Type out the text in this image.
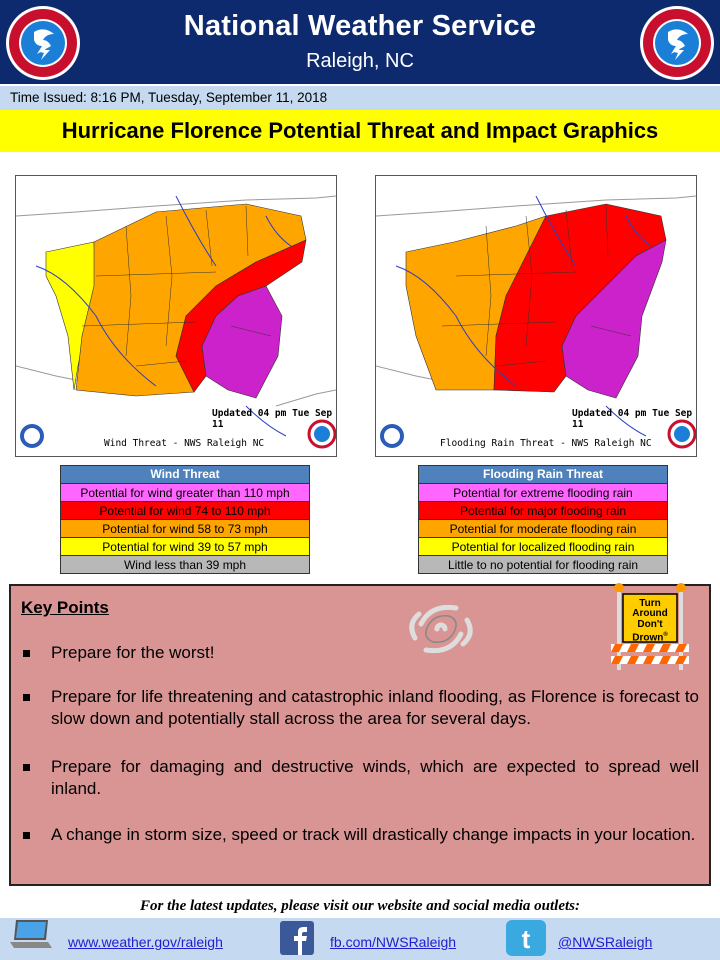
National Weather Service
Raleigh, NC
Time Issued: 8:16 PM, Tuesday, September 11, 2018
Hurricane Florence Potential Threat and Impact Graphics
Updated 04 pm Tue Sep 11
Wind Threat - NWS Raleigh NC
Updated 04 pm Tue Sep 11
Flooding Rain Threat - NWS Raleigh NC
Wind Threat
Potential for wind greater than 110 mph
Potential for wind 74 to 110 mph
Potential for wind 58 to 73 mph
Potential for wind 39 to 57 mph
Wind less than 39 mph
Flooding Rain Threat
Potential for extreme flooding rain
Potential for major flooding rain
Potential for moderate flooding rain
Potential for localized flooding rain
Little to no potential for flooding rain
Key Points	Turn
Around
Don't
Drown®
Prepare for the worst!
Prepare for life threatening and catastrophic inland flooding, as Florence is forecast to slow down and potentially stall across the area for several days.
Prepare for damaging and destructive winds, which are expected to spread well inland.
A change in storm size, speed or track will drastically change impacts in your location.
For the latest updates, please visit our website and social media outlets:
www.weather.gov/raleigh	fb.com/NWSRaleigh	t @NWSRaleigh
